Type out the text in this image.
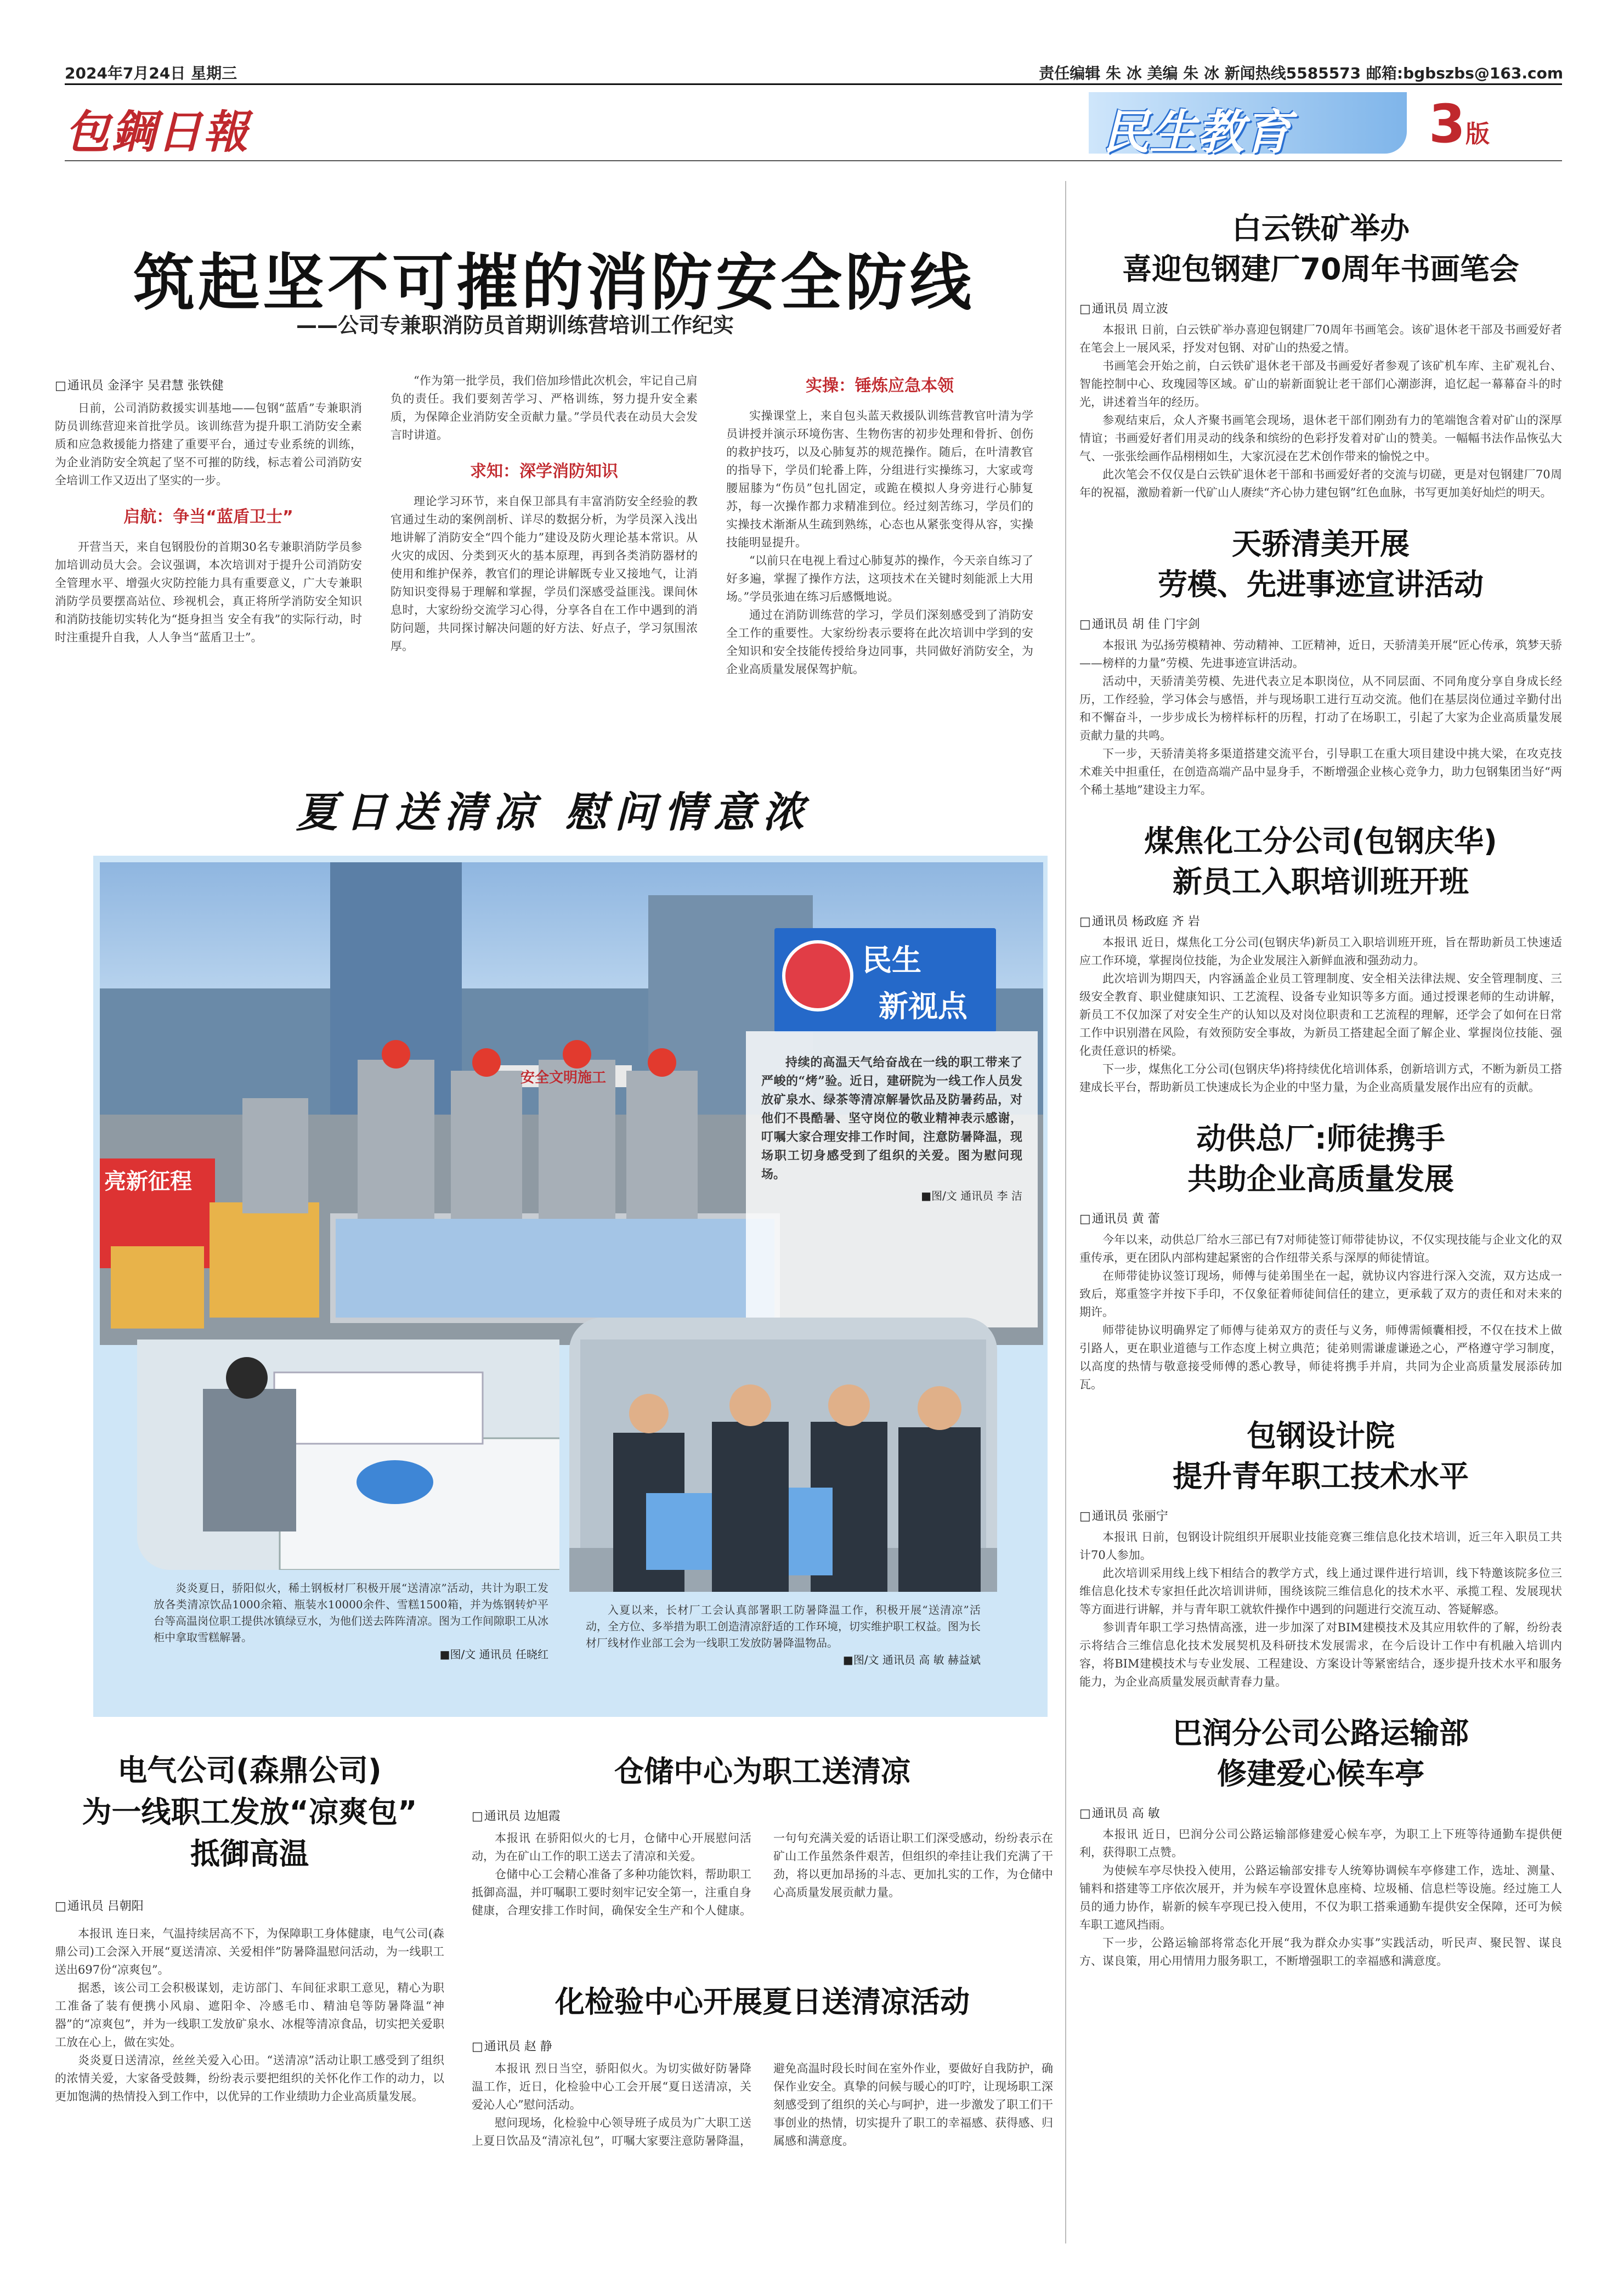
2024年7月24日 星期三	责任编辑 朱 冰 美编 朱 冰 新闻热线5585573 邮箱:bgbszbs@163.com
包鋼日報	民生教育	3 版
筑起坚不可摧的消防安全防线
——公司专兼职消防员首期训练营培训工作纪实
□ 通讯员 金泽宇 吴君慧 张铁健

日前，公司消防救援实训基地——包钢“蓝盾”专兼职消防员训练营迎来首批学员。该训练营为提升职工消防安全素质和应急救援能力搭建了重要平台，通过专业系统的训练，为企业消防安全筑起了坚不可摧的防线，标志着公司消防安全培训工作又迈出了坚实的一步。

启航：争当“蓝盾卫士”

开营当天，来自包钢股份的首期30名专兼职消防学员参加培训动员大会。会议强调，本次培训对于提升公司消防安全管理水平、增强火灾防控能力具有重要意义，广大专兼职消防学员要摆高站位、珍视机会，真正将所学消防安全知识和消防技能切实转化为“挺身担当 安全有我”的实际行动，时时注重提升自我，人人争当“蓝盾卫士”。

“作为第一批学员，我们倍加珍惜此次机会，牢记自己肩负的责任。我们要刻苦学习、严格训练，努力提升安全素质，为保障企业消防安全贡献力量。”学员代表在动员大会发言时讲道。

求知：深学消防知识

理论学习环节，来自保卫部具有丰富消防安全经验的教官通过生动的案例剖析、详尽的数据分析，为学员深入浅出地讲解了消防安全“四个能力”建设及防火理论基本常识。从火灾的成因、分类到灭火的基本原理，再到各类消防器材的使用和维护保养，教官们的理论讲解既专业又接地气，让消防知识变得易于理解和掌握，学员们深感受益匪浅。课间休息时，大家纷纷交流学习心得，分享各自在工作中遇到的消防问题，共同探讨解决问题的好方法、好点子，学习氛围浓厚。

实操：锤炼应急本领

实操课堂上，来自包头蓝天救援队训练营教官叶清为学员讲授并演示环境伤害、生物伤害的初步处理和骨折、创伤的救护技巧，以及心肺复苏的规范操作。随后，在叶清教官的指导下，学员们轮番上阵，分组进行实操练习，大家或弯腰屈膝为“伤员”包扎固定，或跪在模拟人身旁进行心肺复苏，每一次操作都力求精准到位。经过刻苦练习，学员们的实操技术渐渐从生疏到熟练，心态也从紧张变得从容，实操技能明显提升。

“以前只在电视上看过心肺复苏的操作，今天亲自练习了好多遍，掌握了操作方法，这项技术在关键时刻能派上大用场。”学员张迪在练习后感慨地说。

通过在消防训练营的学习，学员们深刻感受到了消防安全工作的重要性。大家纷纷表示要将在此次培训中学到的安全知识和安全技能传授给身边同事，共同做好消防安全，为企业高质量发展保驾护航。

夏日送清凉 慰问情意浓
安全文明施工
亮新征程
民生
新视点
持续的高温天气给奋战在一线的职工带来了严峻的“烤”验。近日，建研院为一线工作人员发放矿泉水、绿茶等清凉解暑饮品及防暑药品，对他们不畏酷暑、坚守岗位的敬业精神表示感谢，叮嘱大家合理安排工作时间，注意防暑降温，现场职工切身感受到了组织的关爱。图为慰问现场。
■图/文 通讯员 李 洁
炎炎夏日，骄阳似火，稀土钢板材厂积极开展“送清凉”活动，共计为职工发放各类清凉饮品1000余箱、瓶装水10000余件、雪糕1500箱，并为炼钢转炉平台等高温岗位职工提供冰镇绿豆水，为他们送去阵阵清凉。图为工作间隙职工从冰柜中拿取雪糕解暑。
■图/文 通讯员 任晓红
入夏以来，长材厂工会认真部署职工防暑降温工作，积极开展“送清凉”活动，全方位、多举措为职工创造清凉舒适的工作环境，切实维护职工权益。图为长材厂线材作业部工会为一线职工发放防暑降温物品。
■图/文 通讯员 高 敏 赫益斌
电气公司(森鼎公司)
为一线职工发放“凉爽包”
抵御高温
□ 通讯员 吕朝阳

本报讯 连日来，气温持续居高不下，为保障职工身体健康，电气公司(森鼎公司)工会深入开展“夏送清凉、关爱相伴”防暑降温慰问活动，为一线职工送出697份“凉爽包”。

据悉，该公司工会积极谋划，走访部门、车间征求职工意见，精心为职工准备了装有便携小风扇、遮阳伞、冷感毛巾、精油皂等防暑降温“神器”的“凉爽包”，并为一线职工发放矿泉水、冰棍等清凉食品，切实把关爱职工放在心上，做在实处。

炎炎夏日送清凉，丝丝关爱入心田。“送清凉”活动让职工感受到了组织的浓情关爱，大家备受鼓舞，纷纷表示要把组织的关怀化作工作的动力，以更加饱满的热情投入到工作中，以优异的工作业绩助力企业高质量发展。

仓储中心为职工送清凉
□ 通讯员 边旭霞

本报讯 在骄阳似火的七月，仓储中心开展慰问活动，为在矿山工作的职工送去了清凉和关爱。

仓储中心工会精心准备了多种功能饮料，帮助职工抵御高温，并叮嘱职工要时刻牢记安全第一，注重自身健康，合理安排工作时间，确保安全生产和个人健康。一句句充满关爱的话语让职工们深受感动，纷纷表示在矿山工作虽然条件艰苦，但组织的牵挂让我们充满了干劲，将以更加昂扬的斗志、更加扎实的工作，为仓储中心高质量发展贡献力量。

化检验中心开展夏日送清凉活动
□ 通讯员 赵 静

本报讯 烈日当空，骄阳似火。为切实做好防暑降温工作，近日，化检验中心工会开展“夏日送清凉，关爱沁人心”慰问活动。

慰问现场，化检验中心领导班子成员为广大职工送上夏日饮品及“清凉礼包”，叮嘱大家要注意防暑降温，避免高温时段长时间在室外作业，要做好自我防护，确保作业安全。真挚的问候与暖心的叮咛，让现场职工深刻感受到了组织的关心与呵护，进一步激发了职工们干事创业的热情，切实提升了职工的幸福感、获得感、归属感和满意度。

白云铁矿举办
喜迎包钢建厂70周年书画笔会
□ 通讯员 周立波

本报讯 日前，白云铁矿举办喜迎包钢建厂70周年书画笔会。该矿退休老干部及书画爱好者在笔会上一展风采，抒发对包钢、对矿山的热爱之情。

书画笔会开始之前，白云铁矿退休老干部及书画爱好者参观了该矿机车库、主矿观礼台、智能控制中心、玫瑰园等区域。矿山的崭新面貌让老干部们心潮澎湃，追忆起一幕幕奋斗的时光，讲述着当年的经历。

参观结束后，众人齐聚书画笔会现场，退休老干部们刚劲有力的笔端饱含着对矿山的深厚情谊；书画爱好者们用灵动的线条和缤纷的色彩抒发着对矿山的赞美。一幅幅书法作品恢弘大气、一张张绘画作品栩栩如生，大家沉浸在艺术创作带来的愉悦之中。

此次笔会不仅仅是白云铁矿退休老干部和书画爱好者的交流与切磋，更是对包钢建厂70周年的祝福，激励着新一代矿山人赓续“齐心协力建包钢”红色血脉，书写更加美好灿烂的明天。

天骄清美开展
劳模、先进事迹宣讲活动
□ 通讯员 胡 佳 门宇剑

本报讯 为弘扬劳模精神、劳动精神、工匠精神，近日，天骄清美开展“匠心传承，筑梦天骄——榜样的力量”劳模、先进事迹宣讲活动。

活动中，天骄清美劳模、先进代表立足本职岗位，从不同层面、不同角度分享自身成长经历，工作经验，学习体会与感悟，并与现场职工进行互动交流。他们在基层岗位通过辛勤付出和不懈奋斗，一步步成长为榜样标杆的历程，打动了在场职工，引起了大家为企业高质量发展贡献力量的共鸣。

下一步，天骄清美将多渠道搭建交流平台，引导职工在重大项目建设中挑大梁，在攻克技术难关中担重任，在创造高端产品中显身手，不断增强企业核心竞争力，助力包钢集团当好“两个稀土基地”建设主力军。

煤焦化工分公司(包钢庆华)
新员工入职培训班开班
□ 通讯员 杨政庭 齐 岩

本报讯 近日，煤焦化工分公司(包钢庆华)新员工入职培训班开班，旨在帮助新员工快速适应工作环境，掌握岗位技能，为企业发展注入新鲜血液和强劲动力。

此次培训为期四天，内容涵盖企业员工管理制度、安全相关法律法规、安全管理制度、三级安全教育、职业健康知识、工艺流程、设备专业知识等多方面。通过授课老师的生动讲解，新员工不仅加深了对安全生产的认知以及对岗位职责和工艺流程的理解，还学会了如何在日常工作中识别潜在风险，有效预防安全事故，为新员工搭建起全面了解企业、掌握岗位技能、强化责任意识的桥梁。

下一步，煤焦化工分公司(包钢庆华)将持续优化培训体系，创新培训方式，不断为新员工搭建成长平台，帮助新员工快速成长为企业的中坚力量，为企业高质量发展作出应有的贡献。

动供总厂:师徒携手
共助企业高质量发展
□ 通讯员 黄 蕾

今年以来，动供总厂给水三部已有7对师徒签订师带徒协议，不仅实现技能与企业文化的双重传承，更在团队内部构建起紧密的合作纽带关系与深厚的师徒情谊。

在师带徒协议签订现场，师傅与徒弟围坐在一起，就协议内容进行深入交流，双方达成一致后，郑重签字并按下手印，不仅象征着师徒间信任的建立，更承载了双方的责任和对未来的期许。

师带徒协议明确界定了师傅与徒弟双方的责任与义务，师傅需倾囊相授，不仅在技术上做引路人，更在职业道德与工作态度上树立典范；徒弟则需谦虚谦逊之心，严格遵守学习制度，以高度的热情与敬意接受师傅的悉心教导，师徒将携手并肩，共同为企业高质量发展添砖加瓦。

包钢设计院
提升青年职工技术水平
□ 通讯员 张丽宁

本报讯 日前，包钢设计院组织开展职业技能竞赛三维信息化技术培训，近三年入职员工共计70人参加。

此次培训采用线上线下相结合的教学方式，线上通过课件进行培训，线下特邀该院多位三维信息化技术专家担任此次培训讲师，围绕该院三维信息化的技术水平、承揽工程、发展现状等方面进行讲解，并与青年职工就软件操作中遇到的问题进行交流互动、答疑解惑。

参训青年职工学习热情高涨，进一步加深了对BIM建模技术及其应用软件的了解，纷纷表示将结合三维信息化技术发展契机及科研技术发展需求，在今后设计工作中有机融入培训内容，将BIM建模技术与专业发展、工程建设、方案设计等紧密结合，逐步提升技术水平和服务能力，为企业高质量发展贡献青春力量。

巴润分公司公路运输部
修建爱心候车亭
□ 通讯员 高 敏

本报讯 近日，巴润分公司公路运输部修建爱心候车亭，为职工上下班等待通勤车提供便利，获得职工点赞。

为使候车亭尽快投入使用，公路运输部安排专人统筹协调候车亭修建工作，选址、测量、铺料和搭建等工序依次展开，并为候车亭设置休息座椅、垃圾桶、信息栏等设施。经过施工人员的通力协作，崭新的候车亭现已投入使用，不仅为职工搭乘通勤车提供安全保障，还可为候车职工遮风挡雨。

下一步，公路运输部将常态化开展“我为群众办实事”实践活动，听民声、聚民智、谋良方、谋良策，用心用情用力服务职工，不断增强职工的幸福感和满意度。
